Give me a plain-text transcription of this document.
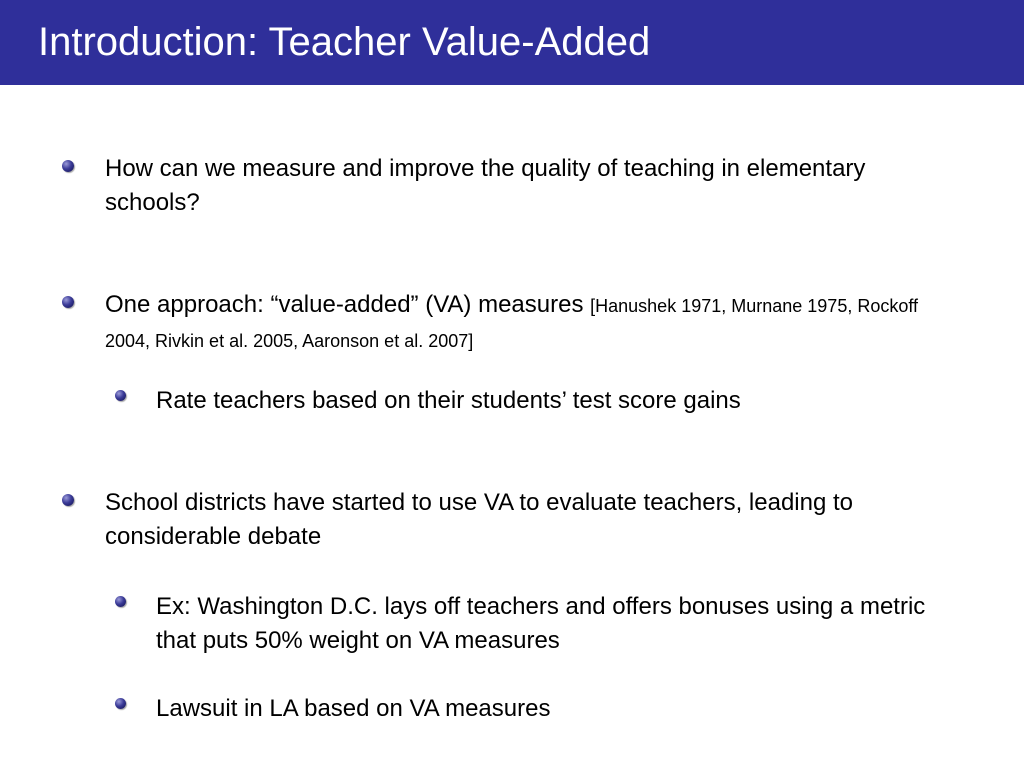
Introduction: Teacher Value-Added
How can we measure and improve the quality of teaching in elementary schools?
One approach: “value-added” (VA) measures [Hanushek 1971, Murnane 1975, Rockoff 2004, Rivkin et al. 2005, Aaronson et al. 2007]
Rate teachers based on their students’ test score gains
School districts have started to use VA to evaluate teachers, leading to considerable debate
Ex: Washington D.C. lays off teachers and offers bonuses using a metric that puts 50% weight on VA measures
Lawsuit in LA based on VA measures
